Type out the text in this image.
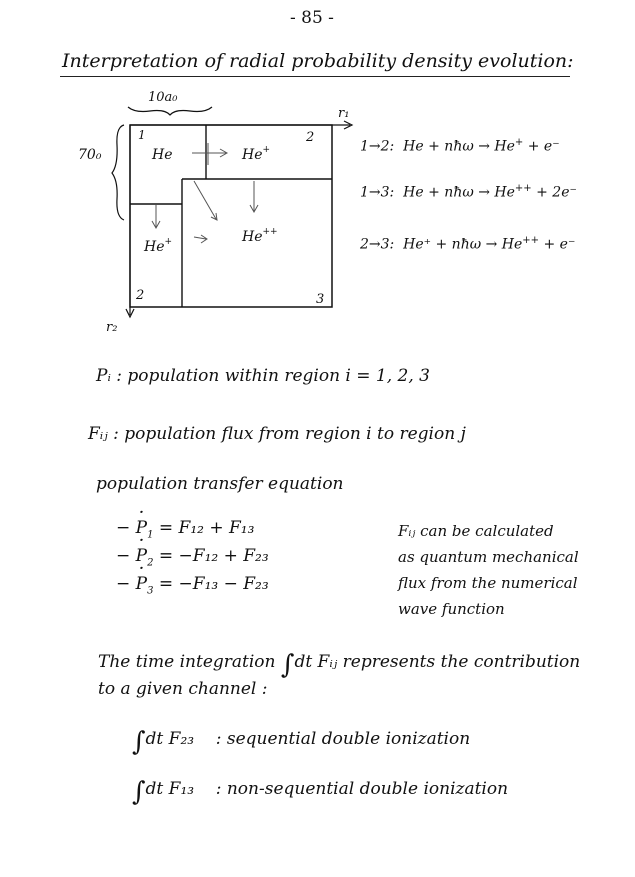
- 85 -
Interpretation of radial probability density evolution:
10a₀
70₀
r₁
r₂
1	2
2	3
He	He+
He+	He++
1→2: He + nħω → He+ + e⁻
1→3: He + nħω → He++ + 2e⁻
2→3: He⁺ + nħω → He++ + e⁻
Pᵢ : population within region i = 1, 2, 3
Fᵢⱼ : population flux from region i to region j
population transfer equation
− · $P_1 = F_{12} + F_{13}$
− · $P_2 = -F_{12} + F_{23}$
− · $P_3 = -F_{13} - F_{23}$
Fᵢⱼ can be calculated
as quantum mechanical
flux from the numerical
wave function
The time integration ∫dt Fᵢⱼ represents the contribution
to a given channel :
∫dt F₂₃ : sequential double ionization
∫dt F₁₃ : non-sequential double ionization
